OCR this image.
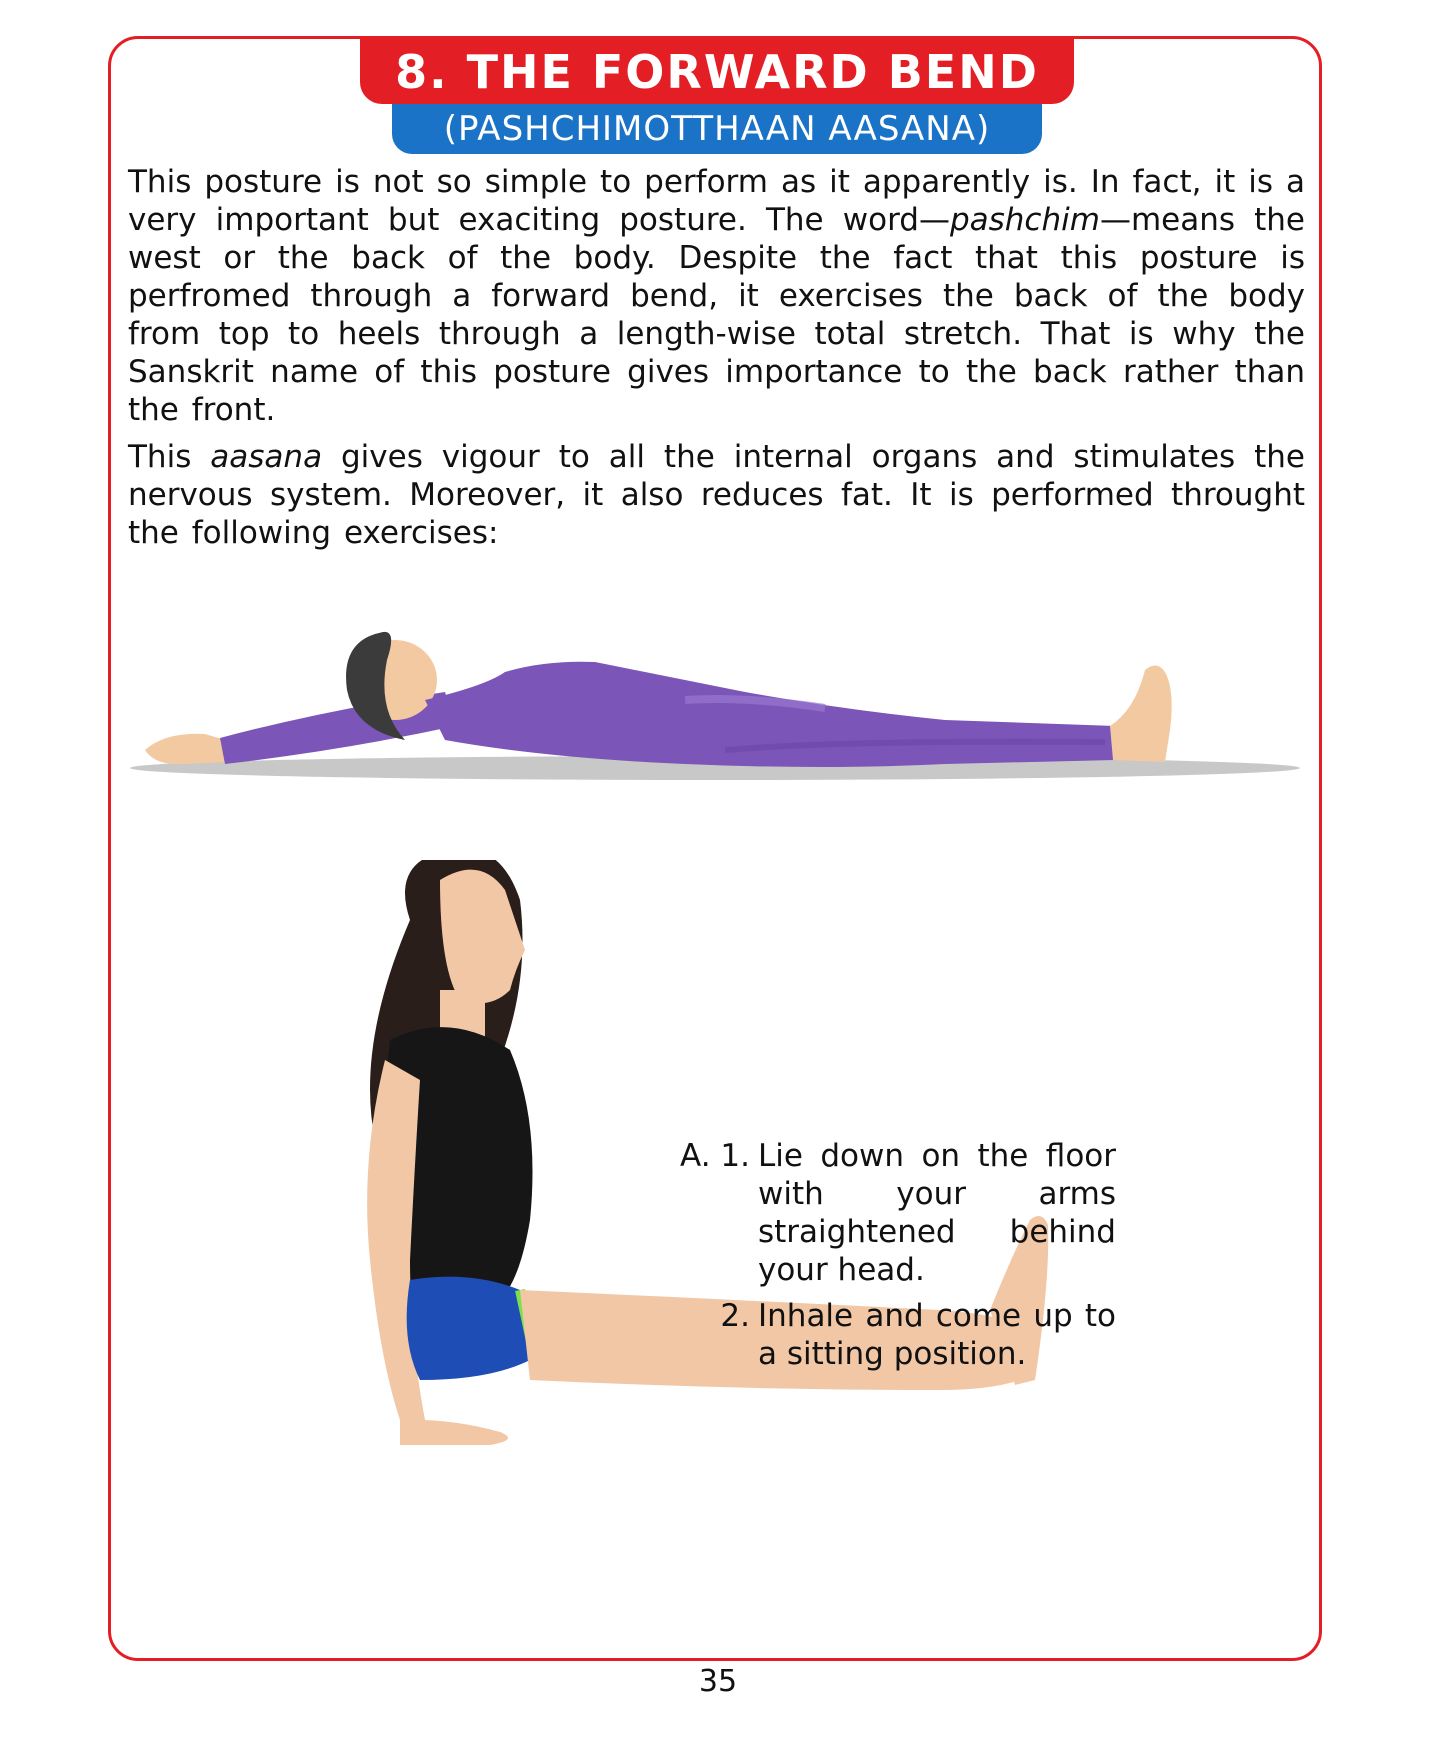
8. THE FORWARD BEND
(PASHCHIMOTTHAAN AASANA)

This posture is not so simple to perform as it apparently is. In fact, it is a very important but exaciting posture. The word—pashchim—means the west or the back of the body. Despite the fact that this posture is perfromed through a forward bend, it exercises the back of the body from top to heels through a length-wise total stretch. That is why the Sanskrit name of this posture gives importance to the back rather than the front.

This aasana gives vigour to all the internal organs and stimulates the nervous system. Moreover, it also reduces fat. It is performed throught the following exercises:

A. 1. Lie down on the floor with your arms straightened behind your head.
2. Inhale and come up to a sitting position.
35
